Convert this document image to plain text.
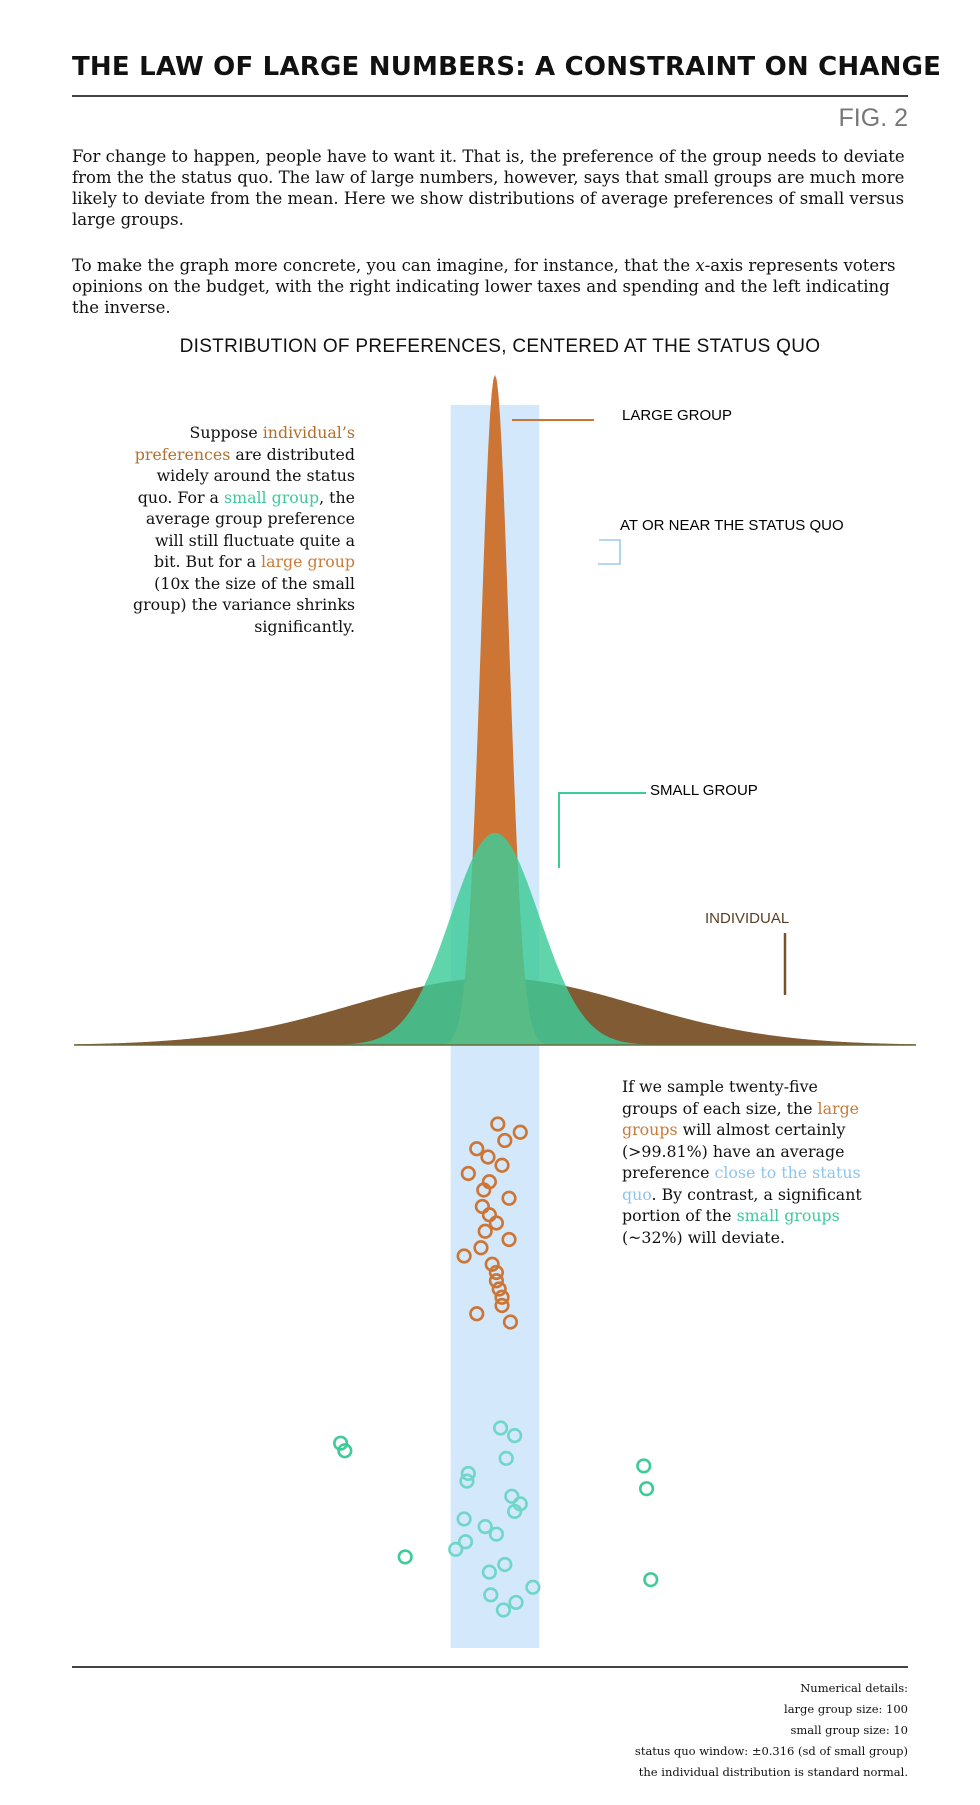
THE LAW OF LARGE NUMBERS: A CONSTRAINT ON CHANGE
FIG. 2

For change to happen, people have to want it. That is, the preference of the group needs to deviate from the the status quo. The law of large numbers, however, says that small groups are much more likely to deviate from the mean. Here we show distributions of average preferences of small versus large groups.

To make the graph more concrete, you can imagine, for instance, that the x-axis represents voters opinions on the budget, with the right indicating lower taxes and spending and the left indicating the inverse.

DISTRIBUTION OF PREFERENCES, CENTERED AT THE STATUS QUO
LARGE GROUP
AT OR NEAR THE STATUS QUO
SMALL GROUP
INDIVIDUAL

Suppose individual’s preferences are distributed widely around the status quo. For a small group, the average group preference will still fluctuate quite a bit. But for a large group (10x the size of the small group) the variance shrinks significantly.

If we sample twenty-five groups of each size, the large groups will almost certainly (>99.81%) have an average preference close to the status quo. By contrast, a significant portion of the small groups (~32%) will deviate.

Numerical details:
large group size: 100
small group size: 10
status quo window: ±0.316 (sd of small group)
the individual distribution is standard normal.
